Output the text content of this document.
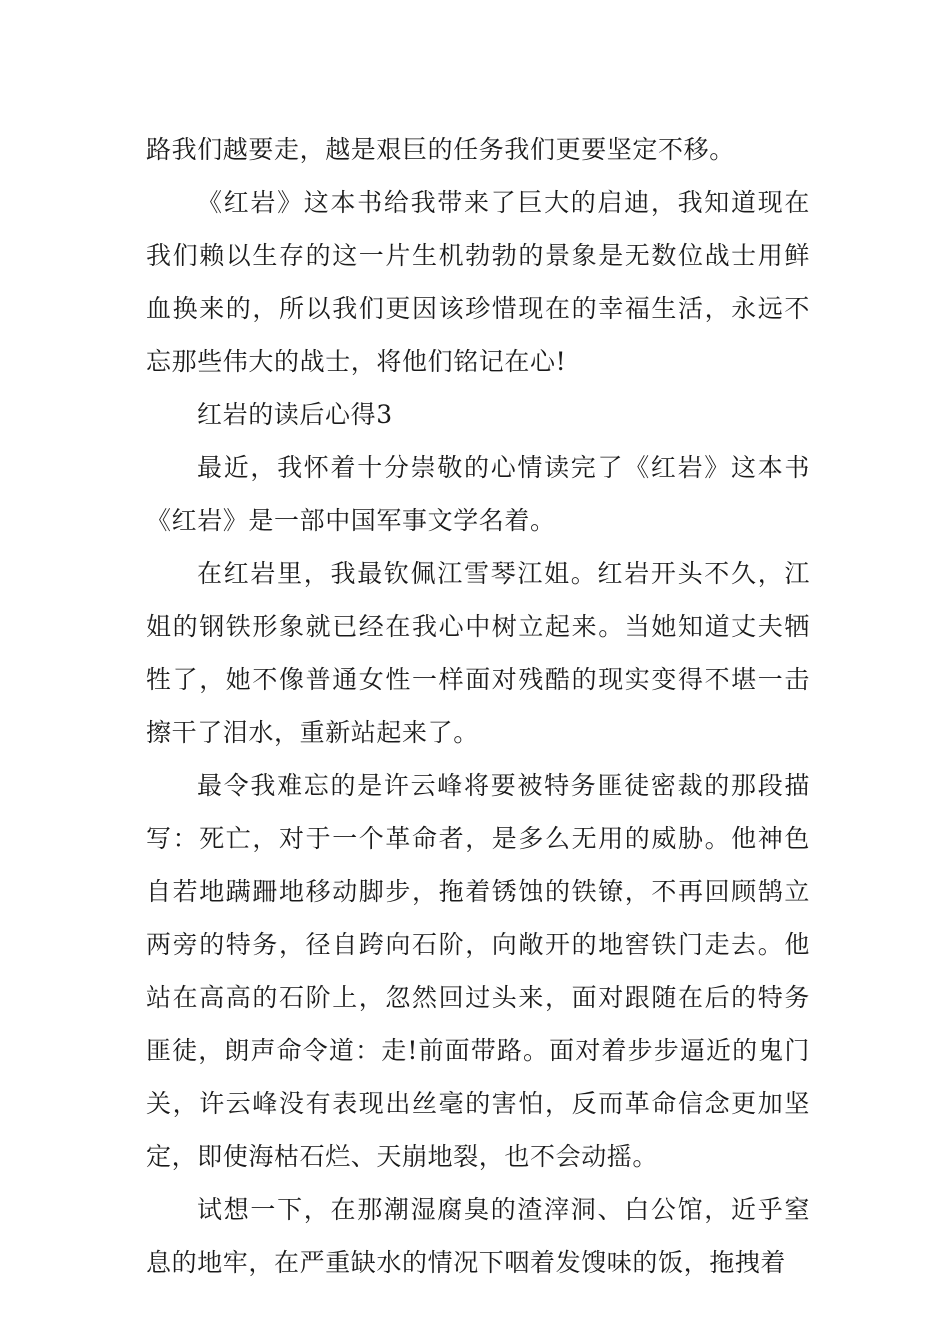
路我们越要走，越是艰巨的任务我们更要坚定不移。

《红岩》这本书给我带来了巨大的启迪，我知道现在我们赖以生存的这一片生机勃勃的景象是无数位战士用鲜血换来的，所以我们更因该珍惜现在的幸福生活，永远不忘那些伟大的战士，将他们铭记在心!

红岩的读后心得3

最近，我怀着十分崇敬的心情读完了《红岩》这本书《红岩》是一部中国军事文学名着。

在红岩里，我最钦佩江雪琴江姐。红岩开头不久，江姐的钢铁形象就已经在我心中树立起来。当她知道丈夫牺牲了，她不像普通女性一样面对残酷的现实变得不堪一击擦干了泪水，重新站起来了。

最令我难忘的是许云峰将要被特务匪徒密裁的那段描写：死亡，对于一个革命者，是多么无用的威胁。他神色自若地蹒跚地移动脚步，拖着锈蚀的铁镣，不再回顾鹄立两旁的特务，径自跨向石阶，向敞开的地窖铁门走去。他站在高高的石阶上，忽然回过头来，面对跟随在后的特务匪徒，朗声命令道：走!前面带路。面对着步步逼近的鬼门关，许云峰没有表现出丝毫的害怕，反而革命信念更加坚定，即使海枯石烂、天崩地裂，也不会动摇。

试想一下，在那潮湿腐臭的渣滓洞、白公馆，近乎窒息的地牢，在严重缺水的情况下咽着发馊味的饭，拖拽着
